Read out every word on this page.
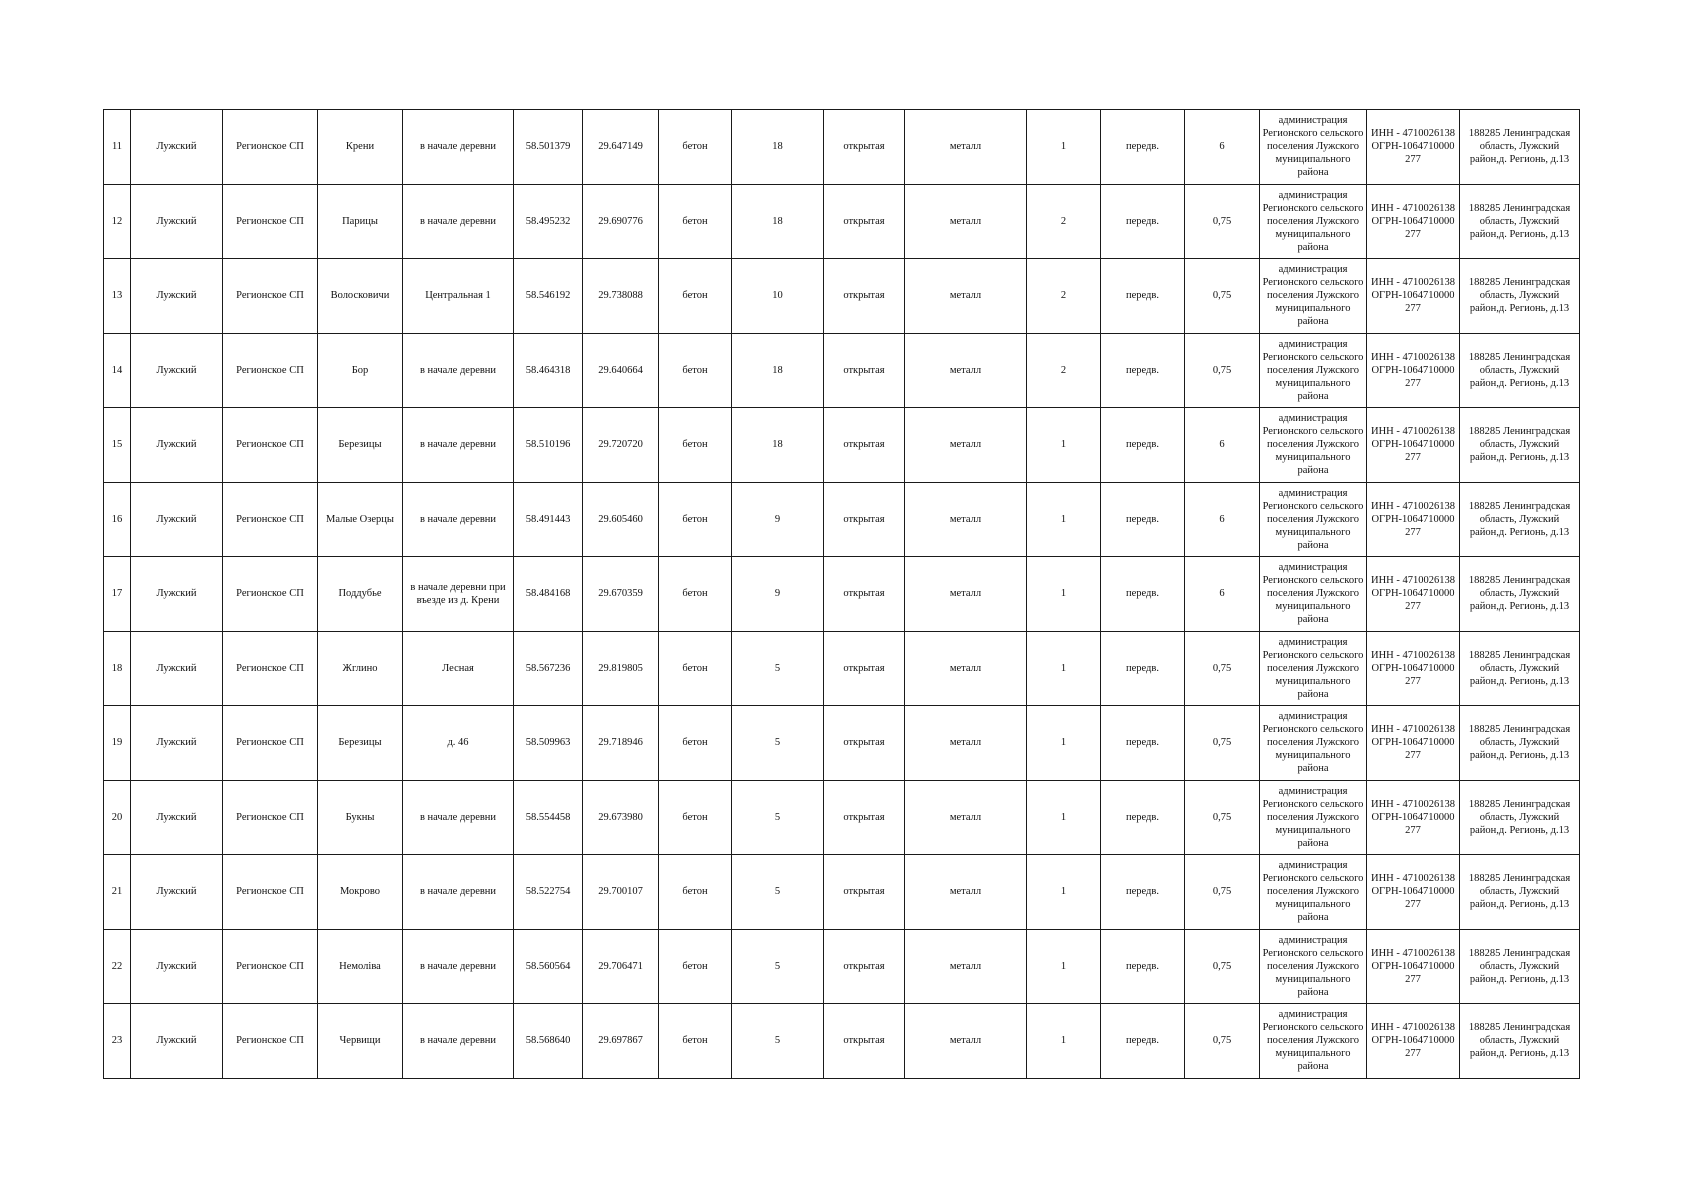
11	Лужский	Регионское СП	Крени	в начале деревни	58.501379	29.647149	бетон	18	открытая	металл	1	передв.	6	администрация Регионского сельского поселения Лужского муниципального района	ИНН - 4710026138 ОГРН-1064710000277	188285 Ленинградская область, Лужский район,д. Регионь, д.13
12	Лужский	Регионское СП	Парицы	в начале деревни	58.495232	29.690776	бетон	18	открытая	металл	2	передв.	0,75	администрация Регионского сельского поселения Лужского муниципального района	ИНН - 4710026138 ОГРН-1064710000277	188285 Ленинградская область, Лужский район,д. Регионь, д.13
13	Лужский	Регионское СП	Волосковичи	Центральная 1	58.546192	29.738088	бетон	10	открытая	металл	2	передв.	0,75	администрация Регионского сельского поселения Лужского муниципального района	ИНН - 4710026138 ОГРН-1064710000277	188285 Ленинградская область, Лужский район,д. Регионь, д.13
14	Лужский	Регионское СП	Бор	в начале деревни	58.464318	29.640664	бетон	18	открытая	металл	2	передв.	0,75	администрация Регионского сельского поселения Лужского муниципального района	ИНН - 4710026138 ОГРН-1064710000277	188285 Ленинградская область, Лужский район,д. Регионь, д.13
15	Лужский	Регионское СП	Березицы	в начале деревни	58.510196	29.720720	бетон	18	открытая	металл	1	передв.	6	администрация Регионского сельского поселения Лужского муниципального района	ИНН - 4710026138 ОГРН-1064710000277	188285 Ленинградская область, Лужский район,д. Регионь, д.13
16	Лужский	Регионское СП	Малые Озерцы	в начале деревни	58.491443	29.605460	бетон	9	открытая	металл	1	передв.	6	администрация Регионского сельского поселения Лужского муниципального района	ИНН - 4710026138 ОГРН-1064710000277	188285 Ленинградская область, Лужский район,д. Регионь, д.13
17	Лужский	Регионское СП	Поддубье	в начале деревни при въезде из д. Крени	58.484168	29.670359	бетон	9	открытая	металл	1	передв.	6	администрация Регионского сельского поселения Лужского муниципального района	ИНН - 4710026138 ОГРН-1064710000277	188285 Ленинградская область, Лужский район,д. Регионь, д.13
18	Лужский	Регионское СП	Жглино	Лесная	58.567236	29.819805	бетон	5	открытая	металл	1	передв.	0,75	администрация Регионского сельского поселения Лужского муниципального района	ИНН - 4710026138 ОГРН-1064710000277	188285 Ленинградская область, Лужский район,д. Регионь, д.13
19	Лужский	Регионское СП	Березицы	д. 46	58.509963	29.718946	бетон	5	открытая	металл	1	передв.	0,75	администрация Регионского сельского поселения Лужского муниципального района	ИНН - 4710026138 ОГРН-1064710000277	188285 Ленинградская область, Лужский район,д. Регионь, д.13
20	Лужский	Регионское СП	Букны	в начале деревни	58.554458	29.673980	бетон	5	открытая	металл	1	передв.	0,75	администрация Регионского сельского поселения Лужского муниципального района	ИНН - 4710026138 ОГРН-1064710000277	188285 Ленинградская область, Лужский район,д. Регионь, д.13
21	Лужский	Регионское СП	Мокрово	в начале деревни	58.522754	29.700107	бетон	5	открытая	металл	1	передв.	0,75	администрация Регионского сельского поселения Лужского муниципального района	ИНН - 4710026138 ОГРН-1064710000277	188285 Ленинградская область, Лужский район,д. Регионь, д.13
22	Лужский	Регионское СП	Немоліва	в начале деревни	58.560564	29.706471	бетон	5	открытая	металл	1	передв.	0,75	администрация Регионского сельского поселения Лужского муниципального района	ИНН - 4710026138 ОГРН-1064710000277	188285 Ленинградская область, Лужский район,д. Регионь, д.13
23	Лужский	Регионское СП	Червищи	в начале деревни	58.568640	29.697867	бетон	5	открытая	металл	1	передв.	0,75	администрация Регионского сельского поселения Лужского муниципального района	ИНН - 4710026138 ОГРН-1064710000277	188285 Ленинградская область, Лужский район,д. Регионь, д.13
